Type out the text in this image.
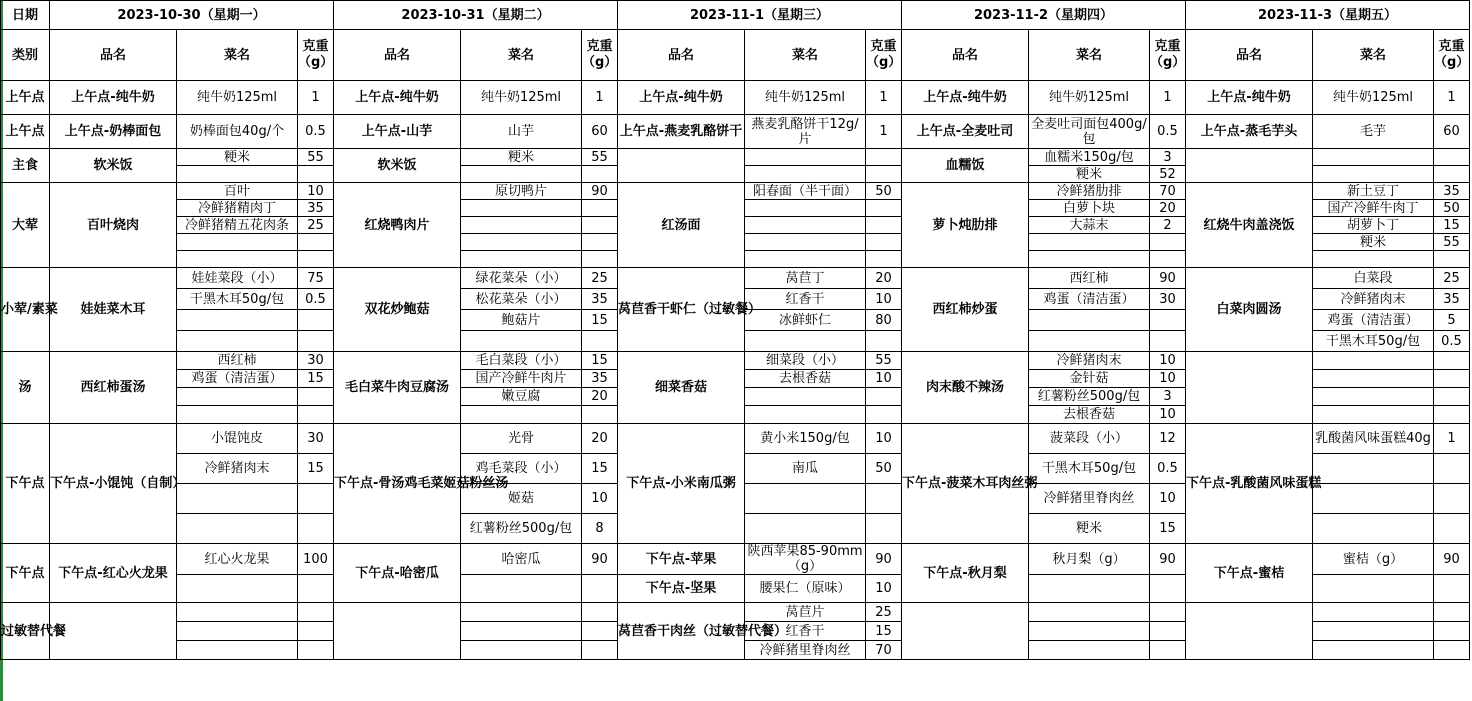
日期	2023-10-30（星期一）			2023-10-31（星期二）			2023-11-1（星期三）			2023-11-2（星期四）			2023-11-3（星期五）		
类别	品名	菜名	克重（g）	品名	菜名	克重（g）	品名	菜名	克重（g）	品名	菜名	克重（g）	品名	菜名	克重（g）
上午点	上午点-纯牛奶	纯牛奶125ml	1	上午点-纯牛奶	纯牛奶125ml	1	上午点-纯牛奶	纯牛奶125ml	1	上午点-纯牛奶	纯牛奶125ml	1	上午点-纯牛奶	纯牛奶125ml	1
上午点	上午点-奶棒面包	奶棒面包40g/个	0.5	上午点-山芋	山芋	60	上午点-燕麦乳酪饼干	燕麦乳酪饼干12g/片	1	上午点-全麦吐司	全麦吐司面包400g/包	0.5	上午点-蒸毛芋头	毛芋	60
主食	软米饭	粳米	55	软米饭	粳米	55				血糯饭	血糯米150g/包	3			
											粳米	52			
大荤	百叶烧肉	百叶	10	红烧鸭肉片	原切鸭片	90	红汤面	阳春面（半干面）	50	萝卜炖肋排	冷鲜猪肋排	70	红烧牛肉盖浇饭	新土豆丁	35
		冷鲜猪精肉丁	35								白萝卜块	20		国产冷鲜牛肉丁	50
		冷鲜猪精五花肉条	25								大蒜末	2		胡萝卜丁	15
														粳米	55

小荤/素菜	娃娃菜木耳	娃娃菜段（小）	75	双花炒鲍菇	绿花菜朵（小）	25	莴苣香干虾仁（过敏餐）	莴苣丁	20	西红柿炒蛋	西红柿	90	白菜肉圆汤	白菜段	25
		干黑木耳50g/包	0.5		松花菜朵（小）	35		红香干	10		鸡蛋（清洁蛋）	30		冷鲜猪肉末	35
					鲍菇片	15		冰鲜虾仁	80					鸡蛋（清洁蛋）	5
														干黑木耳50g/包	0.5
汤	西红柿蛋汤	西红柿	30	毛白菜牛肉豆腐汤	毛白菜段（小）	15	细菜香菇	细菜段（小）	55	肉末酸不辣汤	冷鲜猪肉末	10			
		鸡蛋（清洁蛋）	15		国产冷鲜牛肉片	35		去根香菇	10		金针菇	10			
					嫩豆腐	20					红薯粉丝500g/包	3			
											去根香菇	10			
下午点	下午点-小馄饨（自制）	小馄饨皮	30	下午点-骨汤鸡毛菜姬菇粉丝汤	光骨	20	下午点-小米南瓜粥	黄小米150g/包	10	下午点-菠菜木耳肉丝粥	菠菜段（小）	12	下午点-乳酸菌风味蛋糕	乳酸菌风味蛋糕40g	1
		冷鲜猪肉末	15		鸡毛菜段（小）	15		南瓜	50		干黑木耳50g/包	0.5			
					姬菇	10					冷鲜猪里脊肉丝	10			
					红薯粉丝500g/包	8					粳米	15			
下午点	下午点-红心火龙果	红心火龙果	100	下午点-哈密瓜	哈密瓜	90	下午点-苹果	陕西苹果85-90mm（g）	90	下午点-秋月梨	秋月梨（g）	90	下午点-蜜桔	蜜桔（g）	90
							下午点-坚果	腰果仁（原味）	10						
过敏替代餐							莴苣香干肉丝（过敏替代餐）	莴苣片	25						
								红香干	15						
								冷鲜猪里脊肉丝	70						
